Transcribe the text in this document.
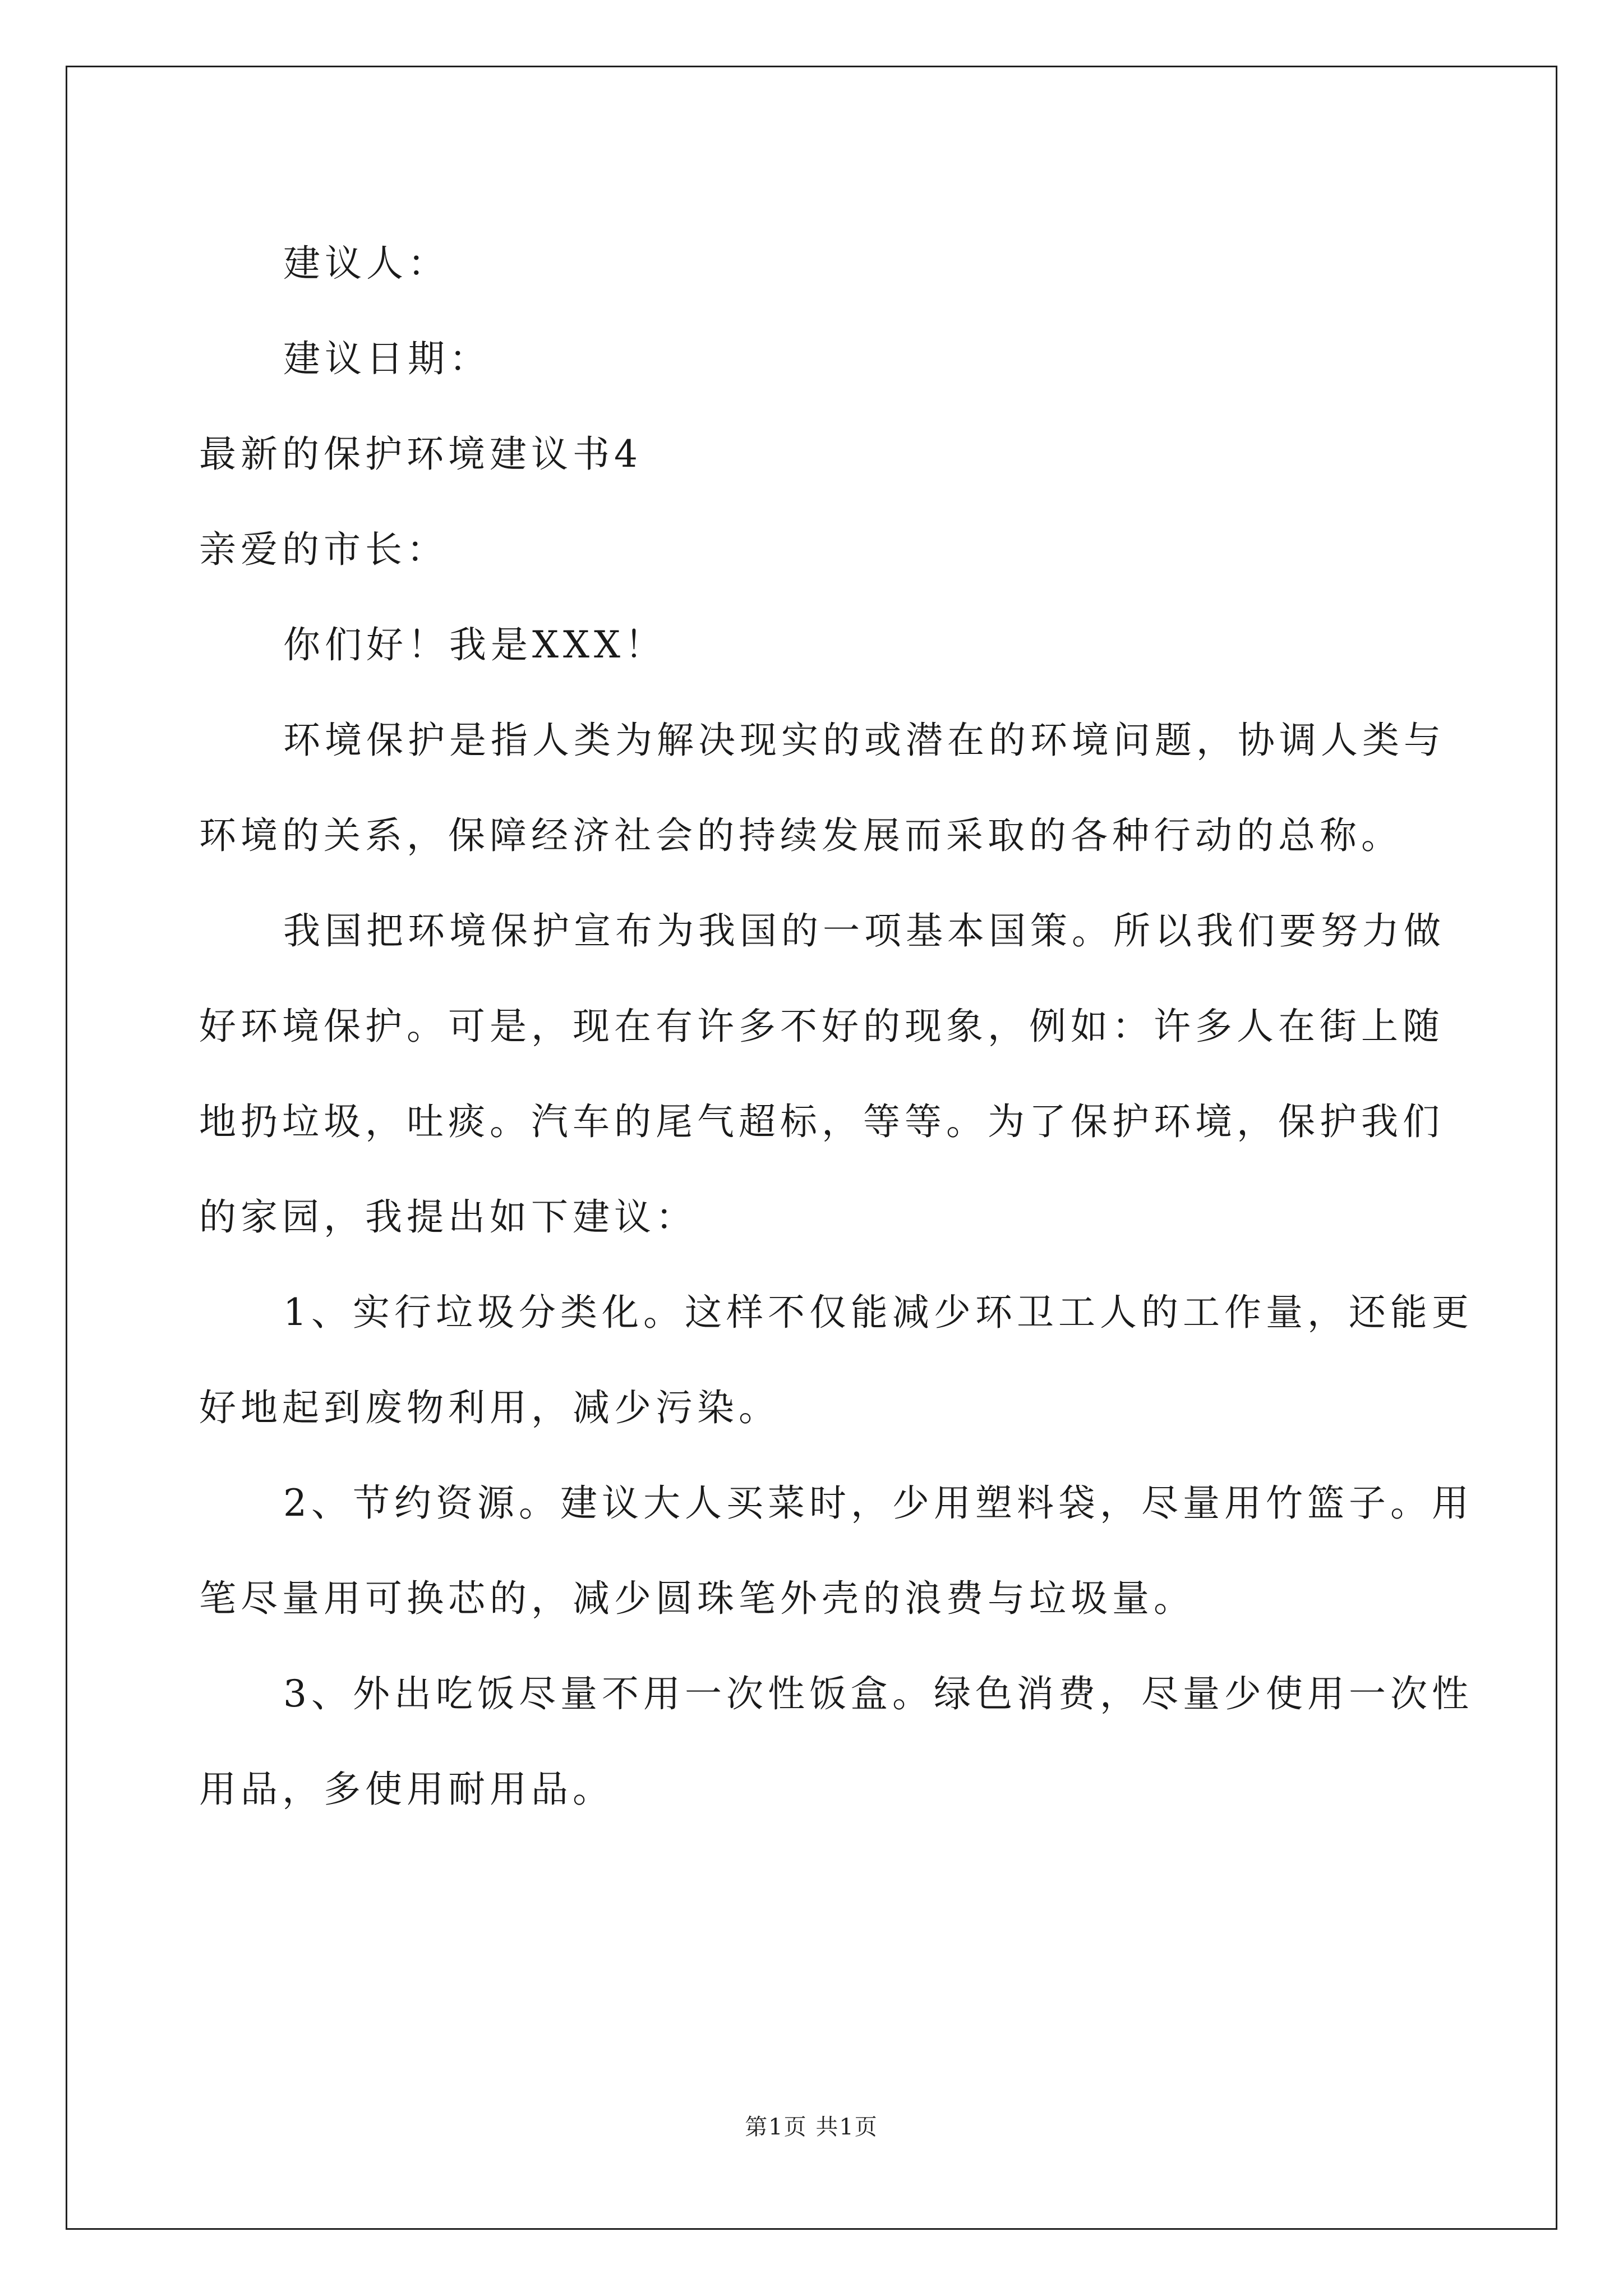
建议人：
建议日期：
最新的保护环境建议书4
亲爱的市长：
你们好！我是XXX！
环境保护是指人类为解决现实的或潜在的环境问题，协调人类与
环境的关系，保障经济社会的持续发展而采取的各种行动的总称。
我国把环境保护宣布为我国的一项基本国策。所以我们要努力做
好环境保护。可是，现在有许多不好的现象，例如：许多人在街上随
地扔垃圾，吐痰。汽车的尾气超标，等等。为了保护环境，保护我们
的家园，我提出如下建议：
1、实行垃圾分类化。这样不仅能减少环卫工人的工作量，还能更
好地起到废物利用，减少污染。
2、节约资源。建议大人买菜时，少用塑料袋，尽量用竹篮子。用
笔尽量用可换芯的，减少圆珠笔外壳的浪费与垃圾量。
3、外出吃饭尽量不用一次性饭盒。绿色消费，尽量少使用一次性
用品，多使用耐用品。
第1页 共1页
